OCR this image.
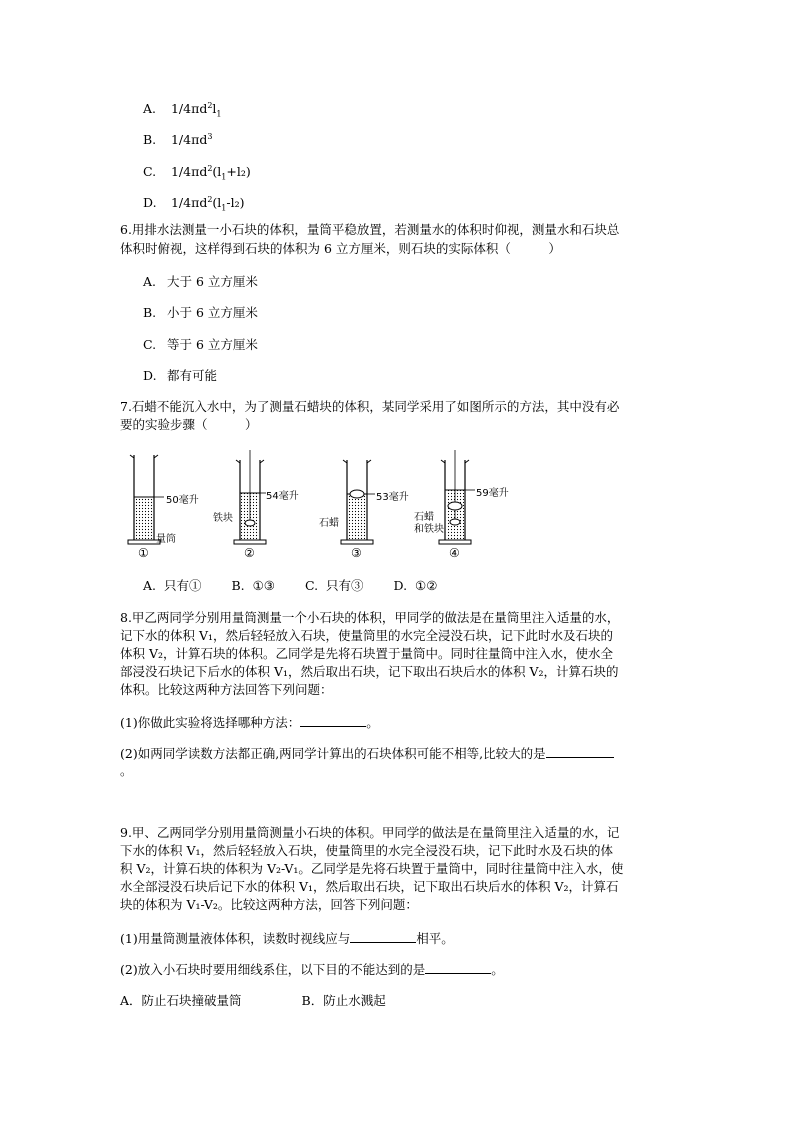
A. $1/4\pi d^2l_1$
B. $1/4\pi d^3$
C. $1/4\pi d^2(l_1+l_2)$
D. $1/4\pi d^2(l_1-l_2)$
6.用排水法测量一小石块的体积，量筒平稳放置，若测量水的体积时仰视，测量水和石块总
体积时俯视，这样得到石块的体积为 6 立方厘米，则石块的实际体积（　　　）
A. 大于 6 立方厘米
B. 小于 6 立方厘米
C. 等于 6 立方厘米
D. 都有可能
7.石蜡不能沉入水中，为了测量石蜡块的体积，某同学采用了如图所示的方法，其中没有必
要的实验步骤（　　　）
50毫升	54毫升	53毫升	59毫升
量筒
铁块	石蜡
石蜡
和铁块
①	②	③	④
A. 只有① B. ①③ C. 只有③ D. ①②
8.甲乙两同学分别用量筒测量一个小石块的体积，甲同学的做法是在量筒里注入适量的水，
记下水的体积 V₁，然后轻轻放入石块，使量筒里的水完全浸没石块，记下此时水及石块的
体积 V₂，计算石块的体积。乙同学是先将石块置于量筒中。同时往量筒中注入水，使水全
部浸没石块记下后水的体积 V₁，然后取出石块，记下取出石块后水的体积 V₂，计算石块的
体积。比较这两种方法回答下列问题：
(1)你做此实验将选择哪种方法：	。
(2)如两同学读数方法都正确,两同学计算出的石块体积可能不相等,比较大的是
。
9.甲、乙两同学分别用量筒测量小石块的体积。甲同学的做法是在量筒里注入适量的水，记
下水的体积 V₁，然后轻轻放入石块，使量筒里的水完全浸没石块，记下此时水及石块的体
积 V₂，计算石块的体积为 V₂-V₁。乙同学是先将石块置于量筒中，同时往量筒中注入水，使
水全部浸没石块后记下水的体积 V₁，然后取出石块，记下取出石块后水的体积 V₂，计算石
块的体积为 V₁-V₂。比较这两种方法，回答下列问题：
(1)用量筒测量液体体积，读数时视线应与	相平。
(2)放入小石块时要用细线系住，以下目的不能达到的是	。
A．防止石块撞破量筒	B．防止水溅起
